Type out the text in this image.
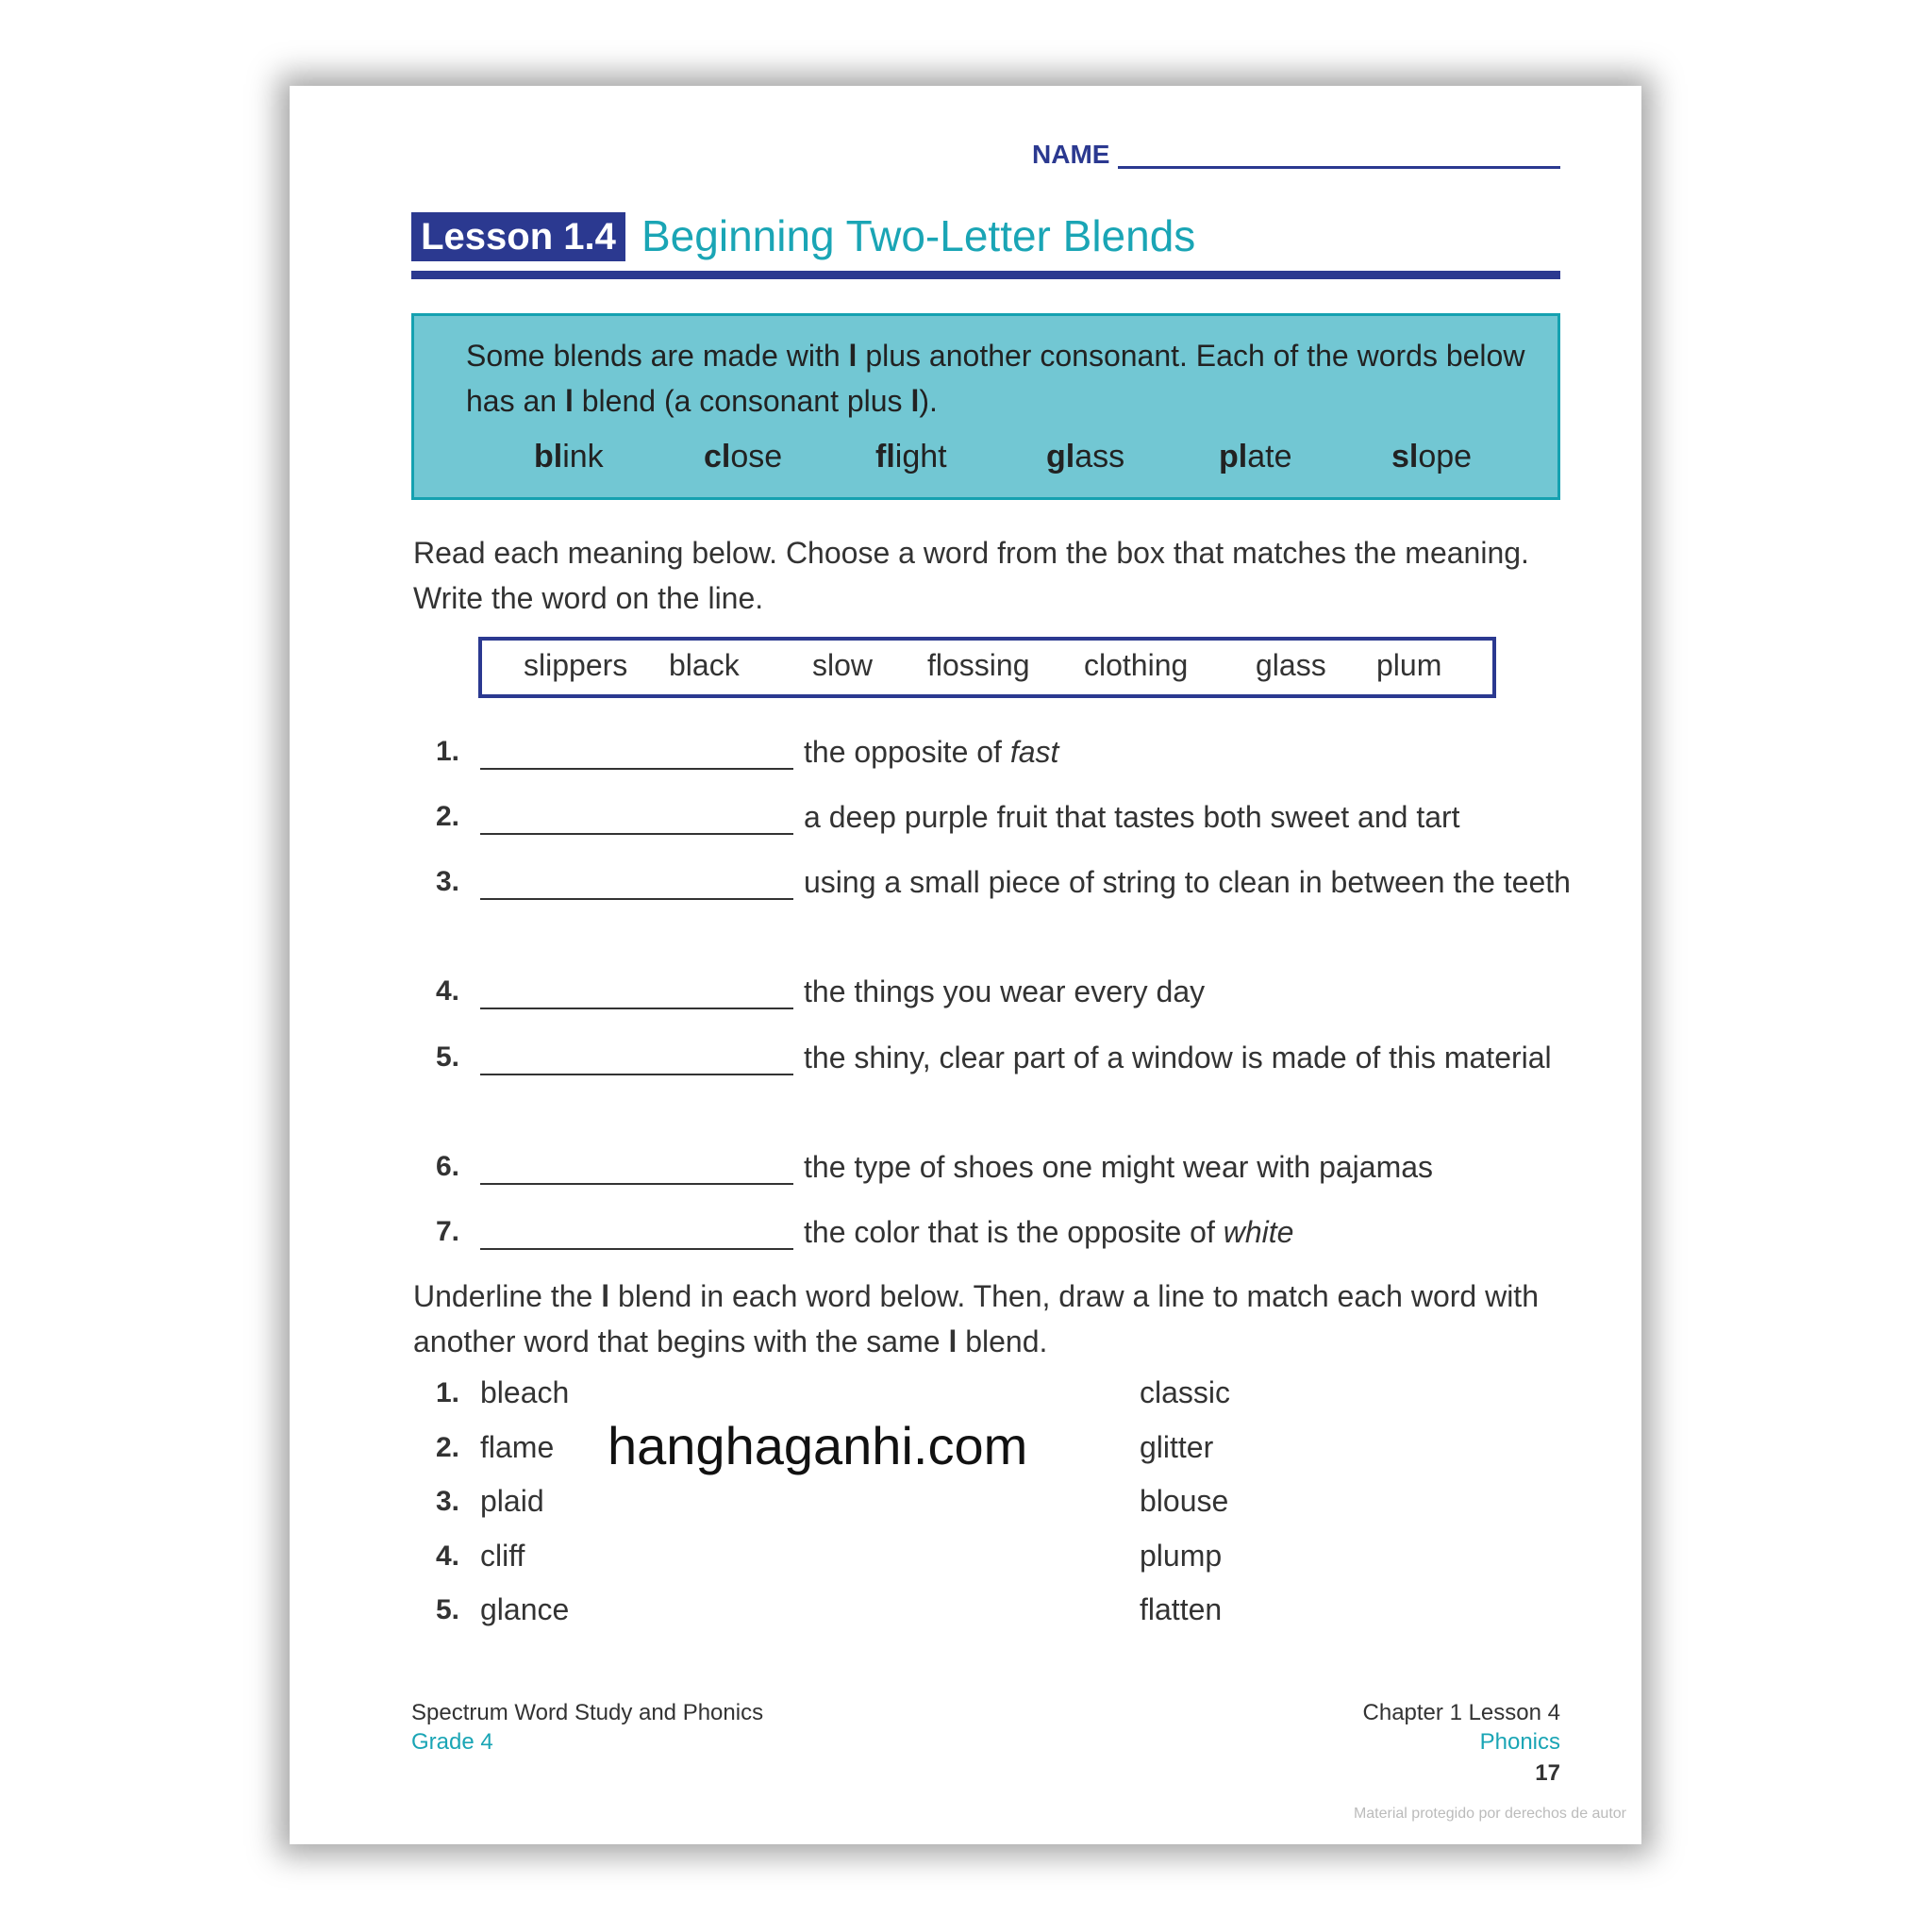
NAME
Lesson 1.4 Beginning Two-Letter Blends
Some blends are made with l plus another consonant. Each of the words below has an l blend (a consonant plus l).
blink	close	flight	glass	plate	slope
Read each meaning below. Choose a word from the box that matches the meaning. Write the word on the line.
slippers black slow flossing clothing glass plum
1.	the opposite of fast
2.	a deep purple fruit that tastes both sweet and tart
3.	using a small piece of string to clean in between the teeth
4.	the things you wear every day
5.	the shiny, clear part of a window is made of this material
6.	the type of shoes one might wear with pajamas
7.	the color that is the opposite of white
Underline the l blend in each word below. Then, draw a line to match each word with another word that begins with the same l blend.
1. bleach	classic
2. flame	glitter
3. plaid	blouse
4. cliff	plump
5. glance	flatten
hanghaganhi.com
Spectrum Word Study and Phonics
Grade 4
Chapter 1 Lesson 4
Phonics
17
Material protegido por derechos de autor
